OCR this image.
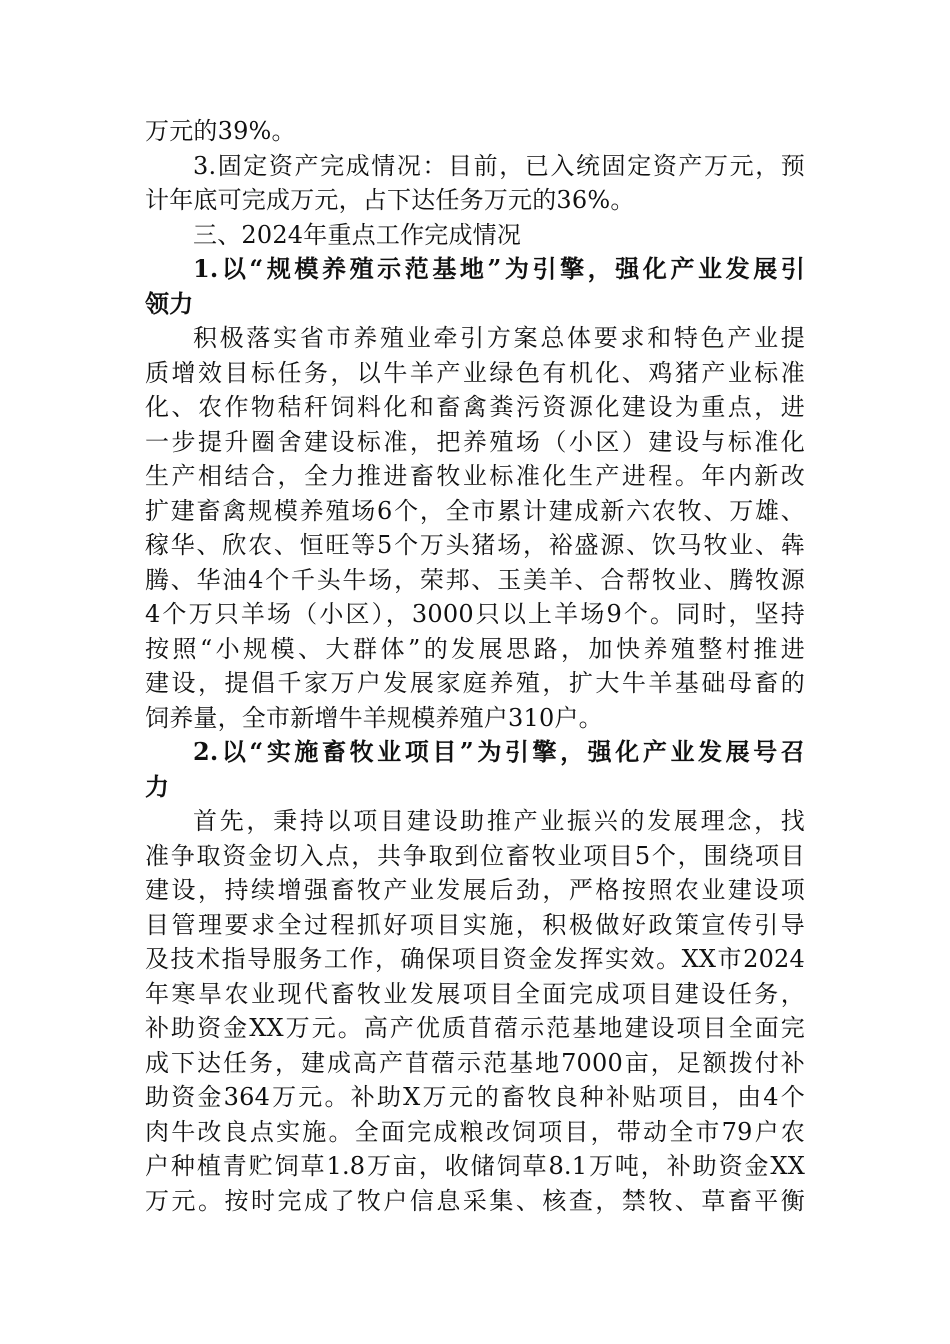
万元的39%。
3.固定资产完成情况：目前，已入统固定资产万元，预
计年底可完成万元，占下达任务万元的36%。
三、2024年重点工作完成情况
1.以“规模养殖示范基地”为引擎，强化产业发展引
领力
积极落实省市养殖业牵引方案总体要求和特色产业提
质增效目标任务，以牛羊产业绿色有机化、鸡猪产业标准
化、农作物秸秆饲料化和畜禽粪污资源化建设为重点，进
一步提升圈舍建设标准，把养殖场（小区）建设与标准化
生产相结合，全力推进畜牧业标准化生产进程。年内新改
扩建畜禽规模养殖场6个，全市累计建成新六农牧、万雄、
稼华、欣农、恒旺等5个万头猪场，裕盛源、饮马牧业、犇
腾、华油4个千头牛场，荣邦、玉美羊、合帮牧业、腾牧源
4个万只羊场（小区），3000只以上羊场9个。同时，坚持
按照“小规模、大群体”的发展思路，加快养殖整村推进
建设，提倡千家万户发展家庭养殖，扩大牛羊基础母畜的
饲养量，全市新增牛羊规模养殖户310户。
2.以“实施畜牧业项目”为引擎，强化产业发展号召
力
首先，秉持以项目建设助推产业振兴的发展理念，找
准争取资金切入点，共争取到位畜牧业项目5个，围绕项目
建设，持续增强畜牧产业发展后劲，严格按照农业建设项
目管理要求全过程抓好项目实施，积极做好政策宣传引导
及技术指导服务工作，确保项目资金发挥实效。XX市2024
年寒旱农业现代畜牧业发展项目全面完成项目建设任务，
补助资金XX万元。高产优质苜蓿示范基地建设项目全面完
成下达任务，建成高产苜蓿示范基地7000亩，足额拨付补
助资金364万元。补助X万元的畜牧良种补贴项目，由4个
肉牛改良点实施。全面完成粮改饲项目，带动全市79户农
户种植青贮饲草1.8万亩，收储饲草8.1万吨，补助资金XX
万元。按时完成了牧户信息采集、核查，禁牧、草畜平衡
